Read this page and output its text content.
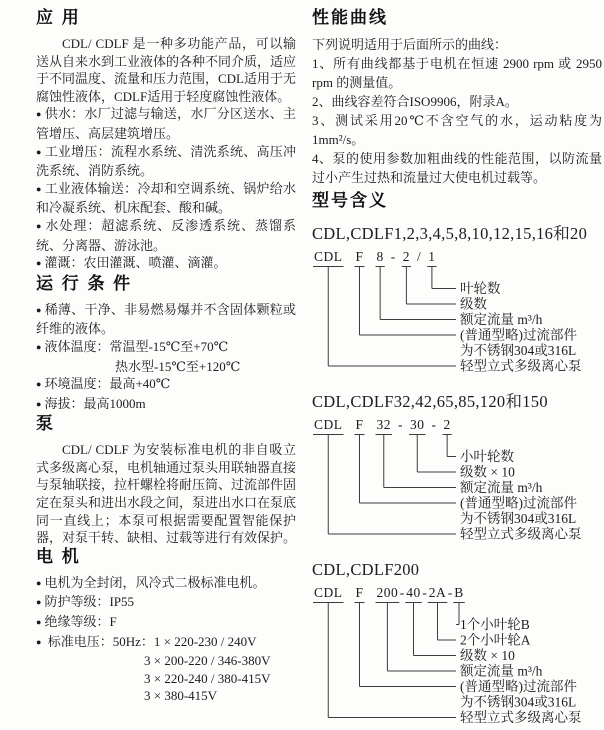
应 用

CDL/ CDLF 是一种多功能产品，可以输送从自来水到工业液体的各种不同介质，适应于不同温度、流量和压力范围，CDL适用于无腐蚀性液体，CDLF适用于轻度腐蚀性液体。

● 供水：水厂过滤与输送，水厂分区送水、主管增压、高层建筑增压。

● 工业增压：流程水系统、清洗系统、高压冲洗系统、消防系统。

● 工业液体输送：冷却和空调系统、锅炉给水和冷凝系统、机床配套、酸和碱。

● 水处理：超滤系统、反渗透系统、蒸馏系统、分离器、游泳池。

● 灌溉：农田灌溉、喷灌、滴灌。

运 行 条 件

● 稀薄、干净、非易燃易爆并不含固体颗粒或纤维的液体。

● 液体温度：常温型-15℃至+70℃

热水型-15℃至+120℃

● 环境温度：最高+40℃

● 海拔：最高1000m

泵

CDL/ CDLF 为安装标准电机的非自吸立式多级离心泵，电机轴通过泵头用联轴器直接与泵轴联接，拉杆螺栓将耐压筒、过流部件固定在泵头和进出水段之间，泵进出水口在泵底同一直线上；本泵可根据需要配置智能保护器，对泵干转、缺相、过载等进行有效保护。

电 机

● 电机为全封闭，风冷式二极标准电机。

● 防护等级：IP55

● 绝缘等级：F

● 标准电压：50Hz：1 × 220-230 / 240V

3 × 200-220 / 346-380V

3 × 220-240 / 380-415V

3 × 380-415V

性能曲线

下列说明适用于后面所示的曲线：

1、所有曲线都基于电机在恒速 2900 rpm 或 2950 rpm 的测量值。

2、曲线容差符合ISO9906，附录A。

3、测试采用20℃不含空气的水，运动粘度为1mm²/s。

4、泵的使用参数加粗曲线的性能范围，以防流量过小产生过热和流量过大使电机过载等。

型号含义
CDL,CDLF1,2,3,4,5,8,10,12,15,16和20
CDL F 8 - 2 / 1
叶轮数
级数
额定流量 m³/h
(普通型略)过流部件
为不锈钢304或316L
轻型立式多级离心泵
CDL,CDLF32,42,65,85,120和150
CDL F 32 - 30 - 2
小叶轮数
级数 × 10
额定流量 m³/h
(普通型略)过流部件
为不锈钢304或316L
轻型立式多级离心泵
CDL,CDLF200
CDL F 200 - 40 - 2A - B
1个小叶轮B
2个小叶轮A
级数 × 10
额定流量 m³/h
(普通型略)过流部件
为不锈钢304或316L
轻型立式多级离心泵
